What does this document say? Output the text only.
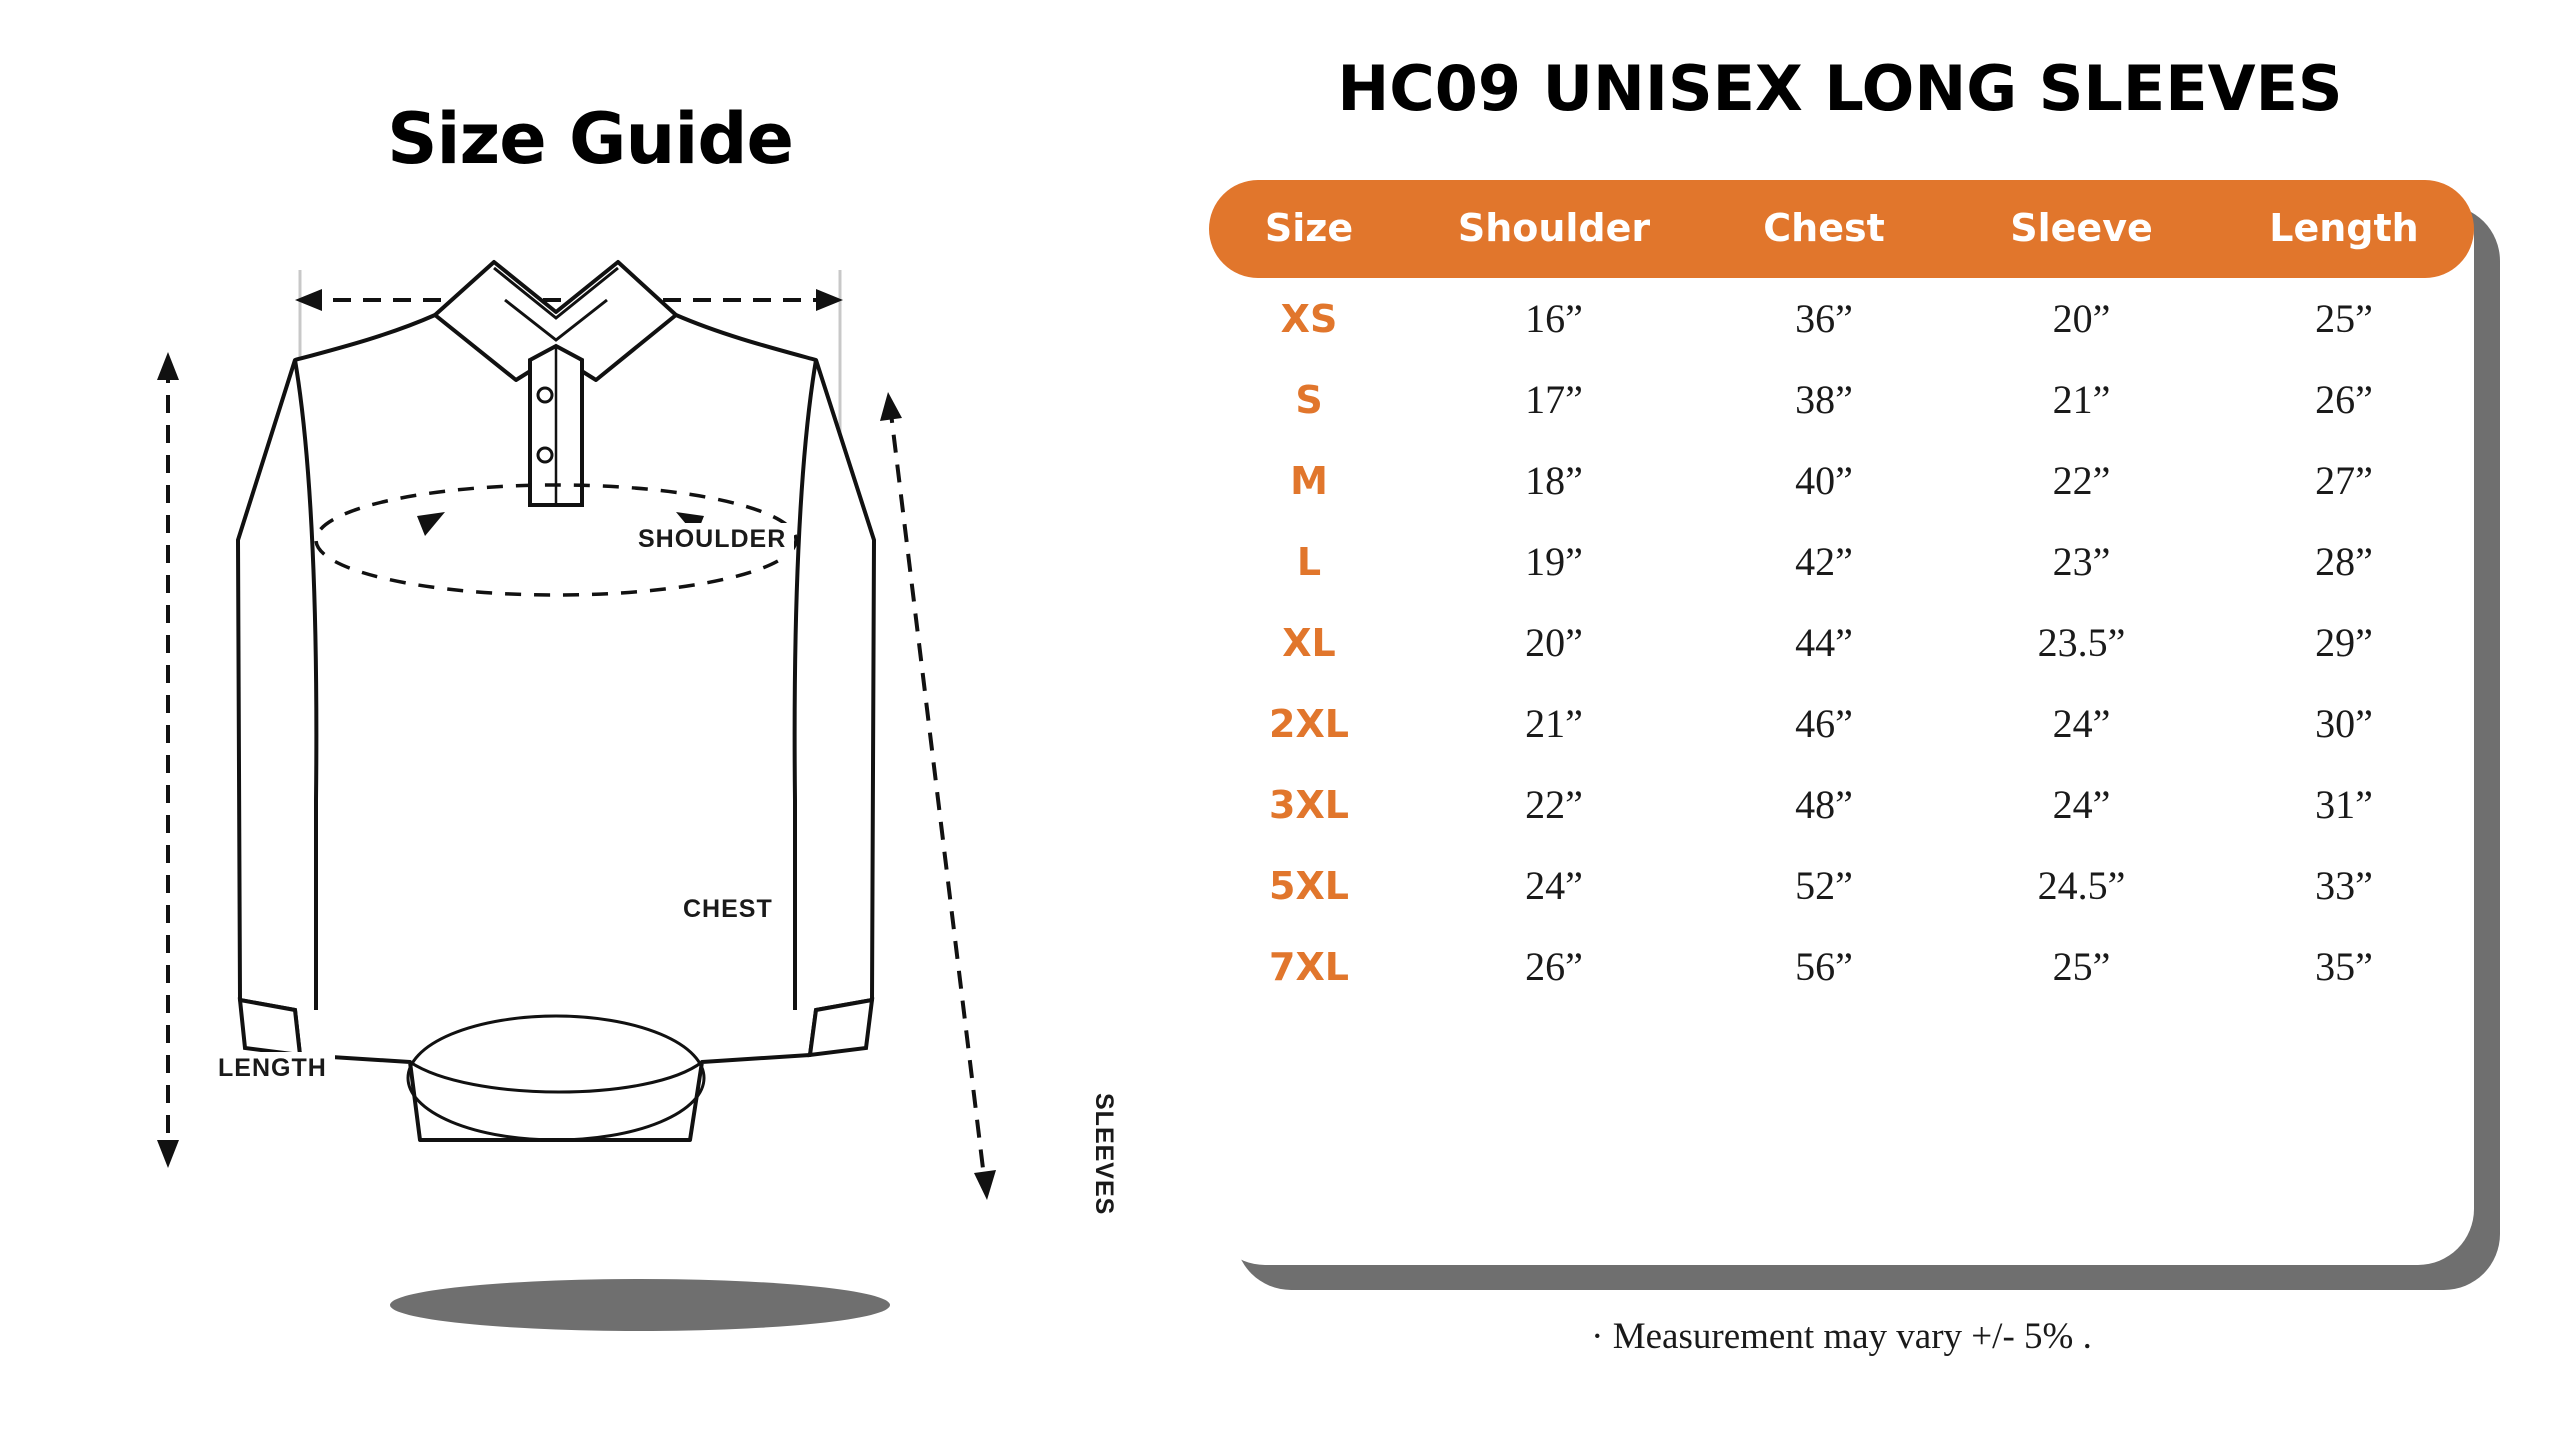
Size Guide
SHOULDER
CHEST
LENGTH
SLEEVES
HC09 UNISEX LONG SLEEVES
Size	Shoulder	Chest	Sleeve	Length
XS	16”	36”	20”	25”
S	17”	38”	21”	26”
M	18”	40”	22”	27”
L	19”	42”	23”	28”
XL	20”	44”	23.5”	29”
2XL	21”	46”	24”	30”
3XL	22”	48”	24”	31”
5XL	24”	52”	24.5”	33”
7XL	26”	56”	25”	35”
· Measurement may vary +/- 5% .
